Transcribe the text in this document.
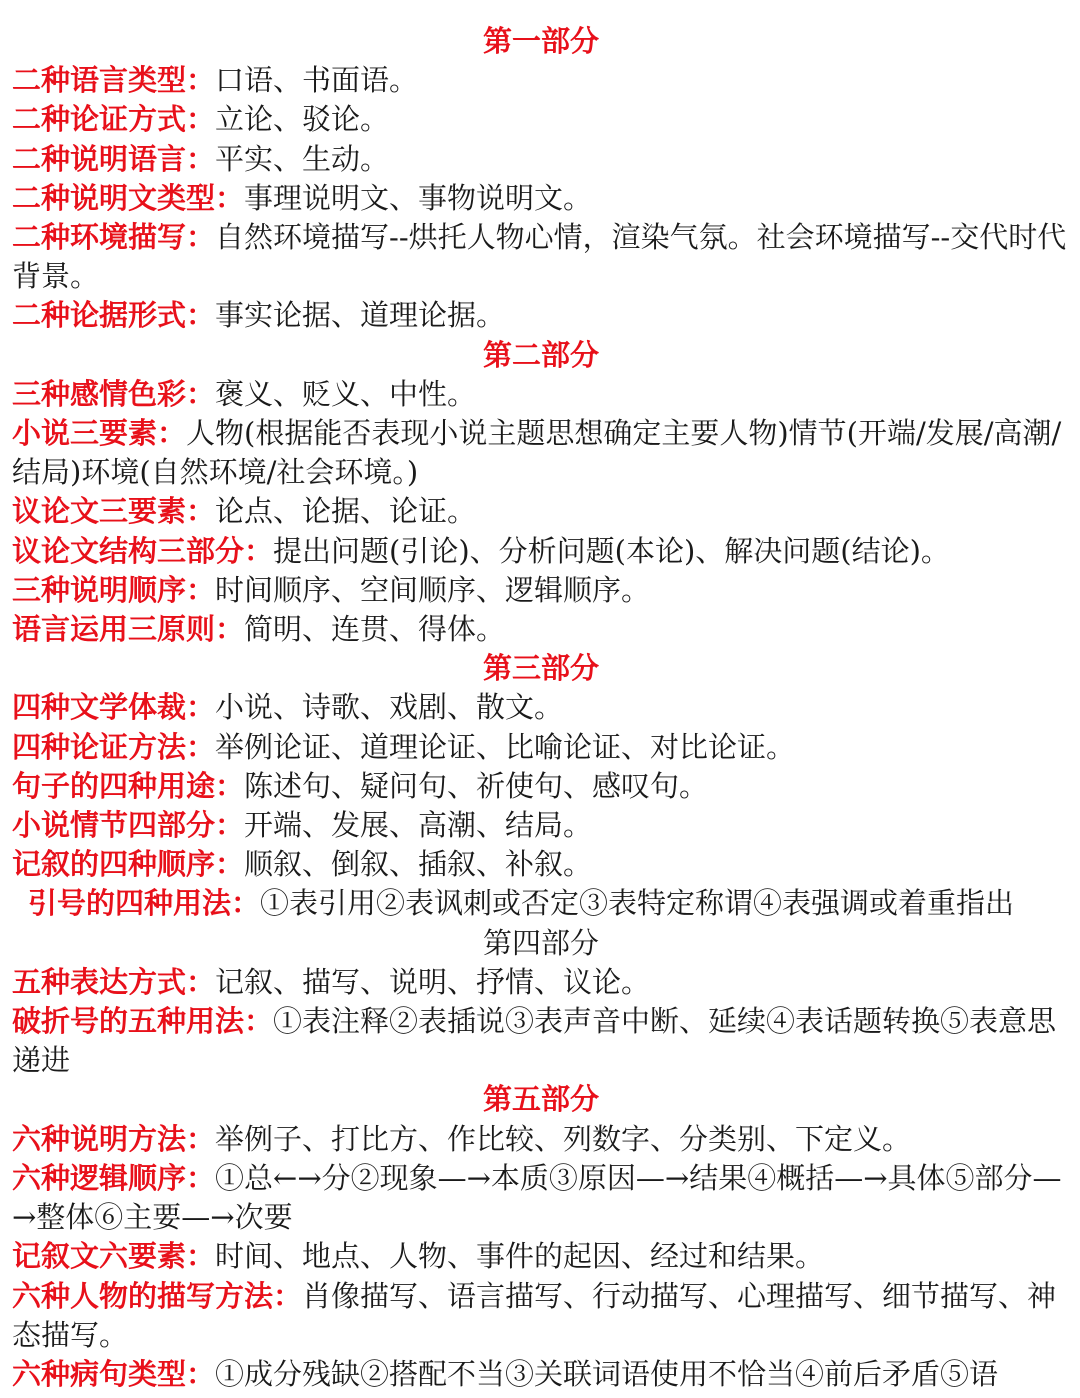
第一部分
二种语言类型：口语、书面语。
二种论证方式：立论、驳论。
二种说明语言：平实、生动。
二种说明文类型：事理说明文、事物说明文。
二种环境描写：自然环境描写--烘托人物心情，渲染气氛。社会环境描写--交代时代背景。
二种论据形式：事实论据、道理论据。
第二部分
三种感情色彩：褒义、贬义、中性。
小说三要素：人物(根据能否表现小说主题思想确定主要人物)情节(开端/发展/高潮/结局)环境(自然环境/社会环境。)
议论文三要素：论点、论据、论证。
议论文结构三部分：提出问题(引论)、分析问题(本论)、解决问题(结论)。
三种说明顺序：时间顺序、空间顺序、逻辑顺序。
语言运用三原则：简明、连贯、得体。
第三部分
四种文学体裁：小说、诗歌、戏剧、散文。
四种论证方法：举例论证、道理论证、比喻论证、对比论证。
句子的四种用途：陈述句、疑问句、祈使句、感叹句。
小说情节四部分：开端、发展、高潮、结局。
记叙的四种顺序：顺叙、倒叙、插叙、补叙。
引号的四种用法：①表引用②表讽刺或否定③表特定称谓④表强调或着重指出
第四部分
五种表达方式：记叙、描写、说明、抒情、议论。
破折号的五种用法：①表注释②表插说③表声音中断、延续④表话题转换⑤表意思递进
第五部分
六种说明方法：举例子、打比方、作比较、列数字、分类别、下定义。
六种逻辑顺序：①总←→分②现象—→本质③原因—→结果④概括—→具体⑤部分—→整体⑥主要—→次要
记叙文六要素：时间、地点、人物、事件的起因、经过和结果。
六种人物的描写方法：肖像描写、语言描写、行动描写、心理描写、细节描写、神态描写。
六种病句类型：①成分残缺②搭配不当③关联词语使用不恰当④前后矛盾⑤语
